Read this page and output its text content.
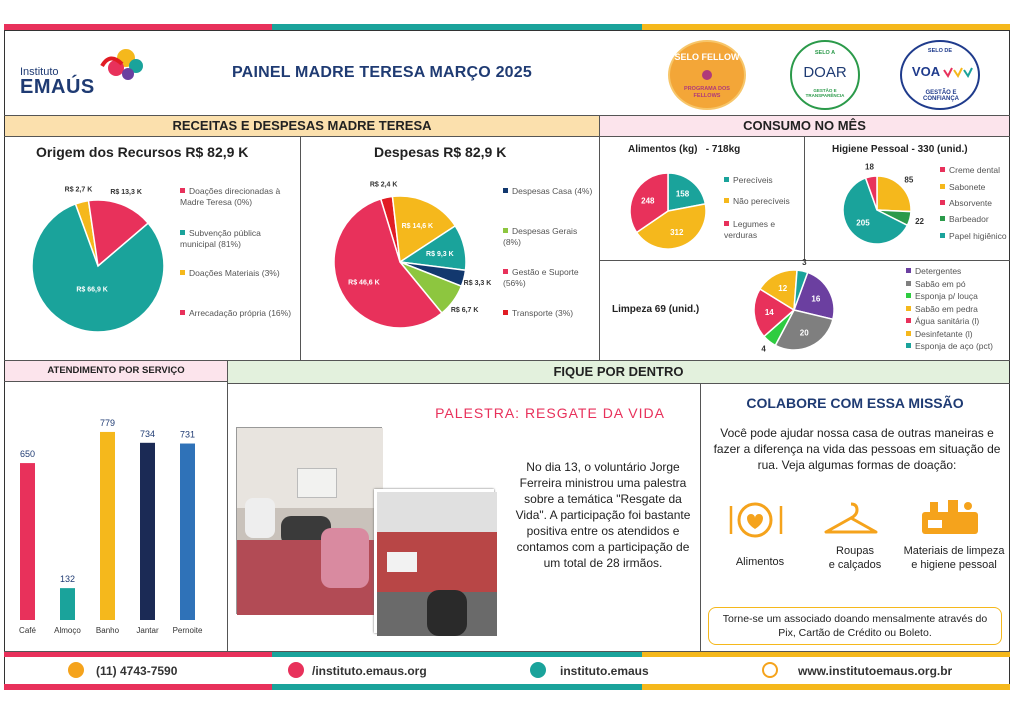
Instituto
EMAÚS
PAINEL MADRE TERESA MARÇO 2025
SELO FELLOW
PROGRAMA DOS FELLOWS
SELO A
DOAR
GESTÃO E TRANSPARÊNCIA
SELO DE
VOA
GESTÃO E CONFIANÇA
RECEITAS E DESPESAS MADRE TERESA	CONSUMO NO MÊS
Origem dos Recursos R$ 82,9 K
R$ 2,7 K	R$ 13,3 K
R$ 66,9 K
Doações direcionadas à Madre Teresa (0%)
Subvenção pública municipal (81%)
Doações Materiais (3%)
Arrecadação própria (16%)
Despesas R$ 82,9 K
R$ 2,4 K
R$ 14,6 K
R$ 9,3 K
R$ 3,3 K
R$ 6,7 K
R$ 46,6 K
Despesas Casa (4%)
Despesas Gerais (8%)
Gestão e Suporte (56%)
Transporte (3%)
Alimentos (kg)   - 718kg
158
312
248
Perecíveis
Não perecíveis
Legumes e verduras
Higiene Pessoal - 330 (unid.)
85
22
205
18	Creme dental
Sabonete
Absorvente
Barbeador
Papel higiênico
Limpeza 69 (unid.)
16
20
4
14
12
3
Detergentes
Sabão em pó
Esponja p/ louça
Sabão em pedra
Água sanitária (l)
Desinfetante (l)
Esponja de aço (pct)
ATENDIMENTO POR SERVIÇO	FIQUE POR DENTRO
650
Café
132
Almoço
779
Banho
734
Jantar
731
Pernoite
PALESTRA: RESGATE DA VIDA
No dia 13, o voluntário Jorge Ferreira ministrou uma palestra sobre a temática "Resgate da Vida". A participação foi bastante positiva entre os atendidos e contamos com a participação de um total de 28 irmãos.
COLABORE COM ESSA MISSÃO
Você pode ajudar nossa casa de outras maneiras e fazer a diferença na vida das pessoas em situação de rua. Veja algumas formas de doação:
Alimentos
Roupas
e calçados
Materiais de limpeza
e higiene pessoal
Torne-se um associado doando mensalmente através do Pix, Cartão de Crédito ou Boleto.
(11) 4743-7590	/instituto.emaus.org	instituto.emaus	www.institutoemaus.org.br
